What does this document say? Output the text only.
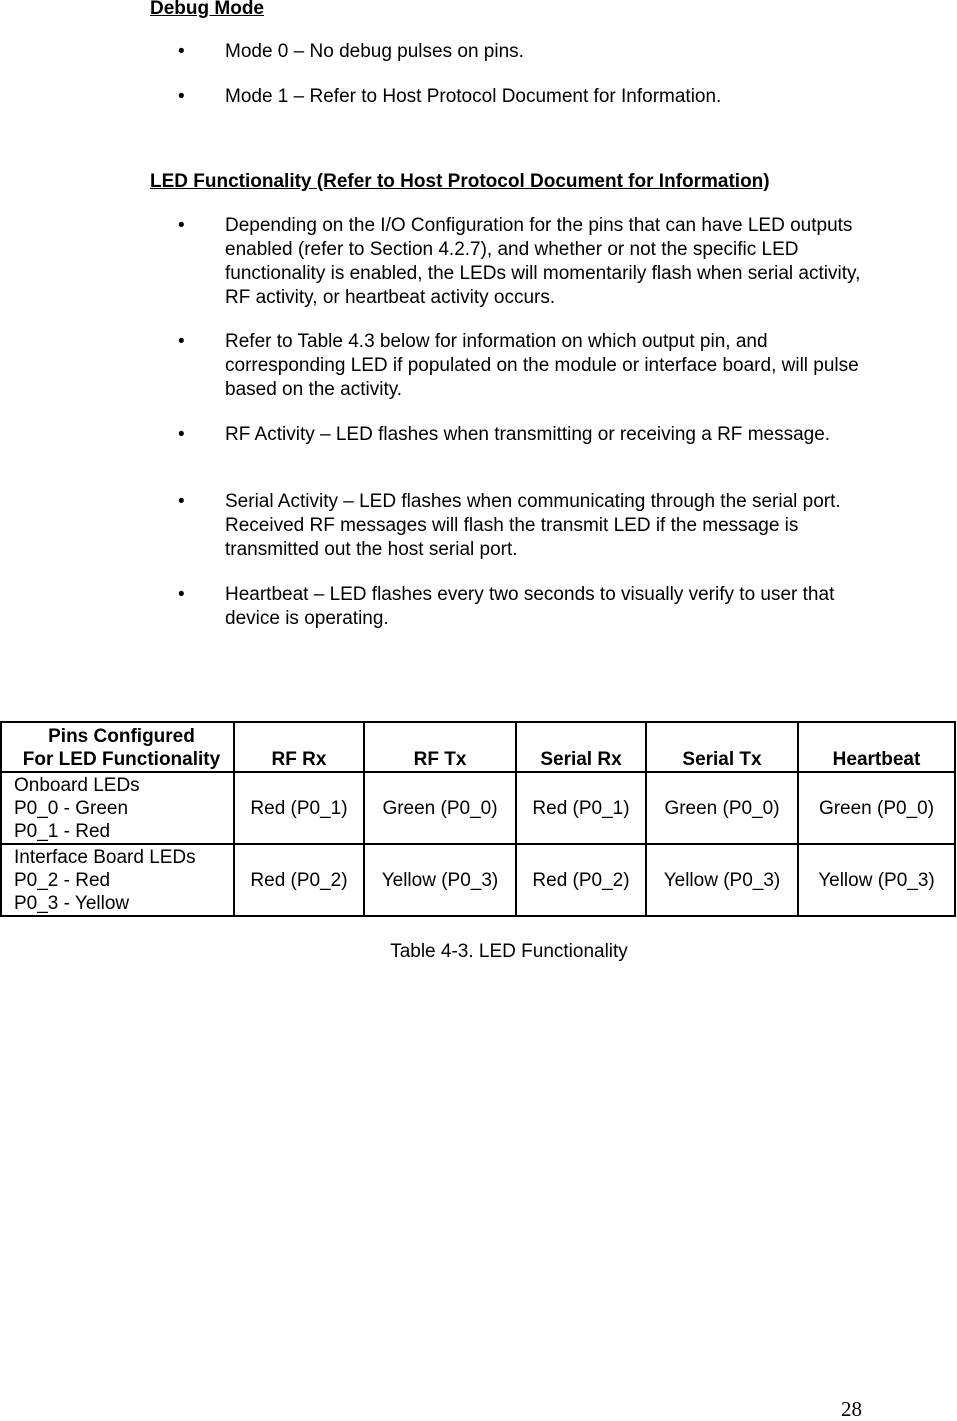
Debug Mode
• Mode 0 – No debug pulses on pins.
• Mode 1 – Refer to Host Protocol Document for Information.
LED Functionality (Refer to Host Protocol Document for Information)
• Depending on the I/O Configuration for the pins that can have LED outputs enabled (refer to Section 4.2.7), and whether or not the specific LED functionality is enabled, the LEDs will momentarily flash when serial activity, RF activity, or heartbeat activity occurs.
• Refer to Table 4.3 below for information on which output pin, and corresponding LED if populated on the module or interface board, will pulse based on the activity.
• RF Activity – LED flashes when transmitting or receiving a RF message.
• Serial Activity – LED flashes when communicating through the serial port. Received RF messages will flash the transmit LED if the message is transmitted out the host serial port.
• Heartbeat – LED flashes every two seconds to visually verify to user that device is operating.
Pins Configured
For LED Functionality	RF Rx	RF Tx	Serial Rx	Serial Tx	Heartbeat

Onboard LEDs
P0_0 - Green
P0_1 - Red	Red (P0_1)	Green (P0_0)	Red (P0_1)	Green (P0_0)	Green (P0_0)

Interface Board LEDs
P0_2 - Red
P0_3 - Yellow	Red (P0_2)	Yellow (P0_3)	Red (P0_2)	Yellow (P0_3)	Yellow (P0_3)
Table 4-3. LED Functionality
28
